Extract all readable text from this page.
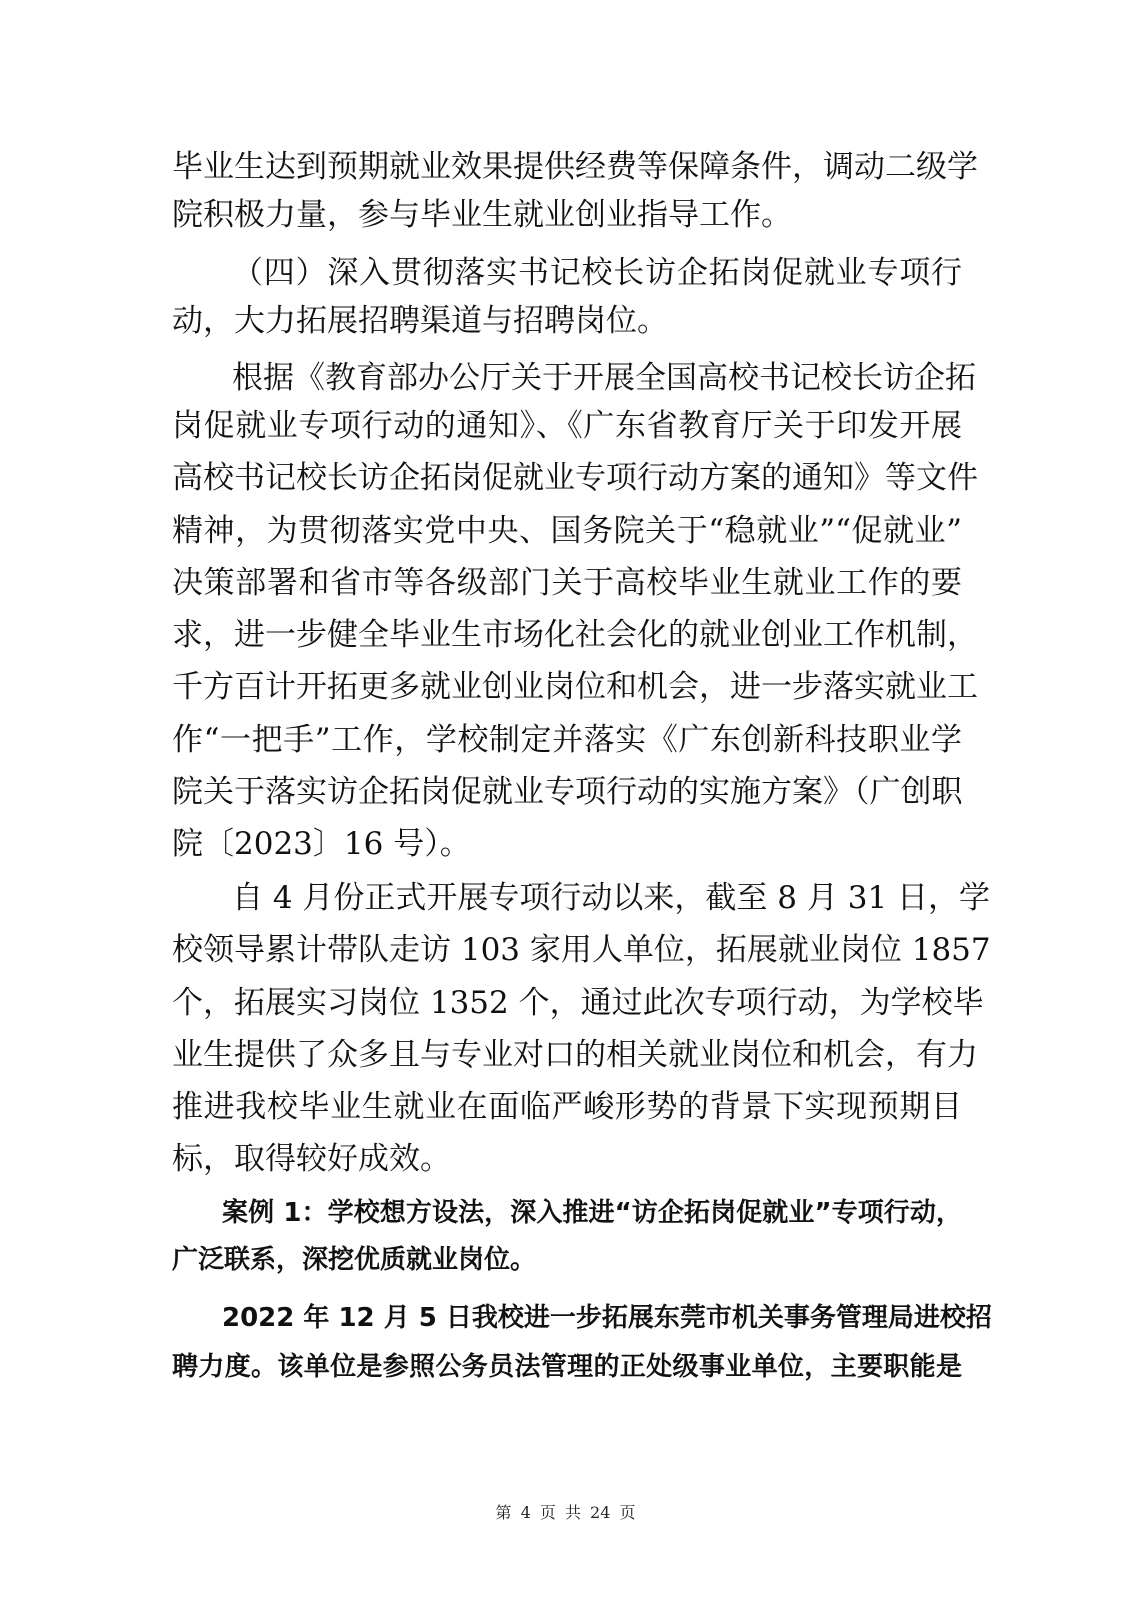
毕业生达到预期就业效果提供经费等保障条件，调动二级学
院积极力量，参与毕业生就业创业指导工作。
（四）深入贯彻落实书记校长访企拓岗促就业专项行
动，大力拓展招聘渠道与招聘岗位。
根据《教育部办公厅关于开展全国高校书记校长访企拓
岗促就业专项行动的通知》、《广东省教育厅关于印发开展
高校书记校长访企拓岗促就业专项行动方案的通知》等文件
精神，为贯彻落实党中央、国务院关于“稳就业”“促就业”
决策部署和省市等各级部门关于高校毕业生就业工作的要
求，进一步健全毕业生市场化社会化的就业创业工作机制，
千方百计开拓更多就业创业岗位和机会，进一步落实就业工
作“一把手”工作，学校制定并落实《广东创新科技职业学
院关于落实访企拓岗促就业专项行动的实施方案》（广创职
院〔2023〕16 号）。
自 4 月份正式开展专项行动以来，截至 8 月 31 日，学
校领导累计带队走访 103 家用人单位，拓展就业岗位 1857
个，拓展实习岗位 1352 个，通过此次专项行动，为学校毕
业生提供了众多且与专业对口的相关就业岗位和机会，有力
推进我校毕业生就业在面临严峻形势的背景下实现预期目
标，取得较好成效。
案例 1：学校想方设法，深入推进“访企拓岗促就业”专项行动，
广泛联系，深挖优质就业岗位。
2022 年 12 月 5 日我校进一步拓展东莞市机关事务管理局进校招
聘力度。该单位是参照公务员法管理的正处级事业单位，主要职能是
第 4 页 共 24 页
